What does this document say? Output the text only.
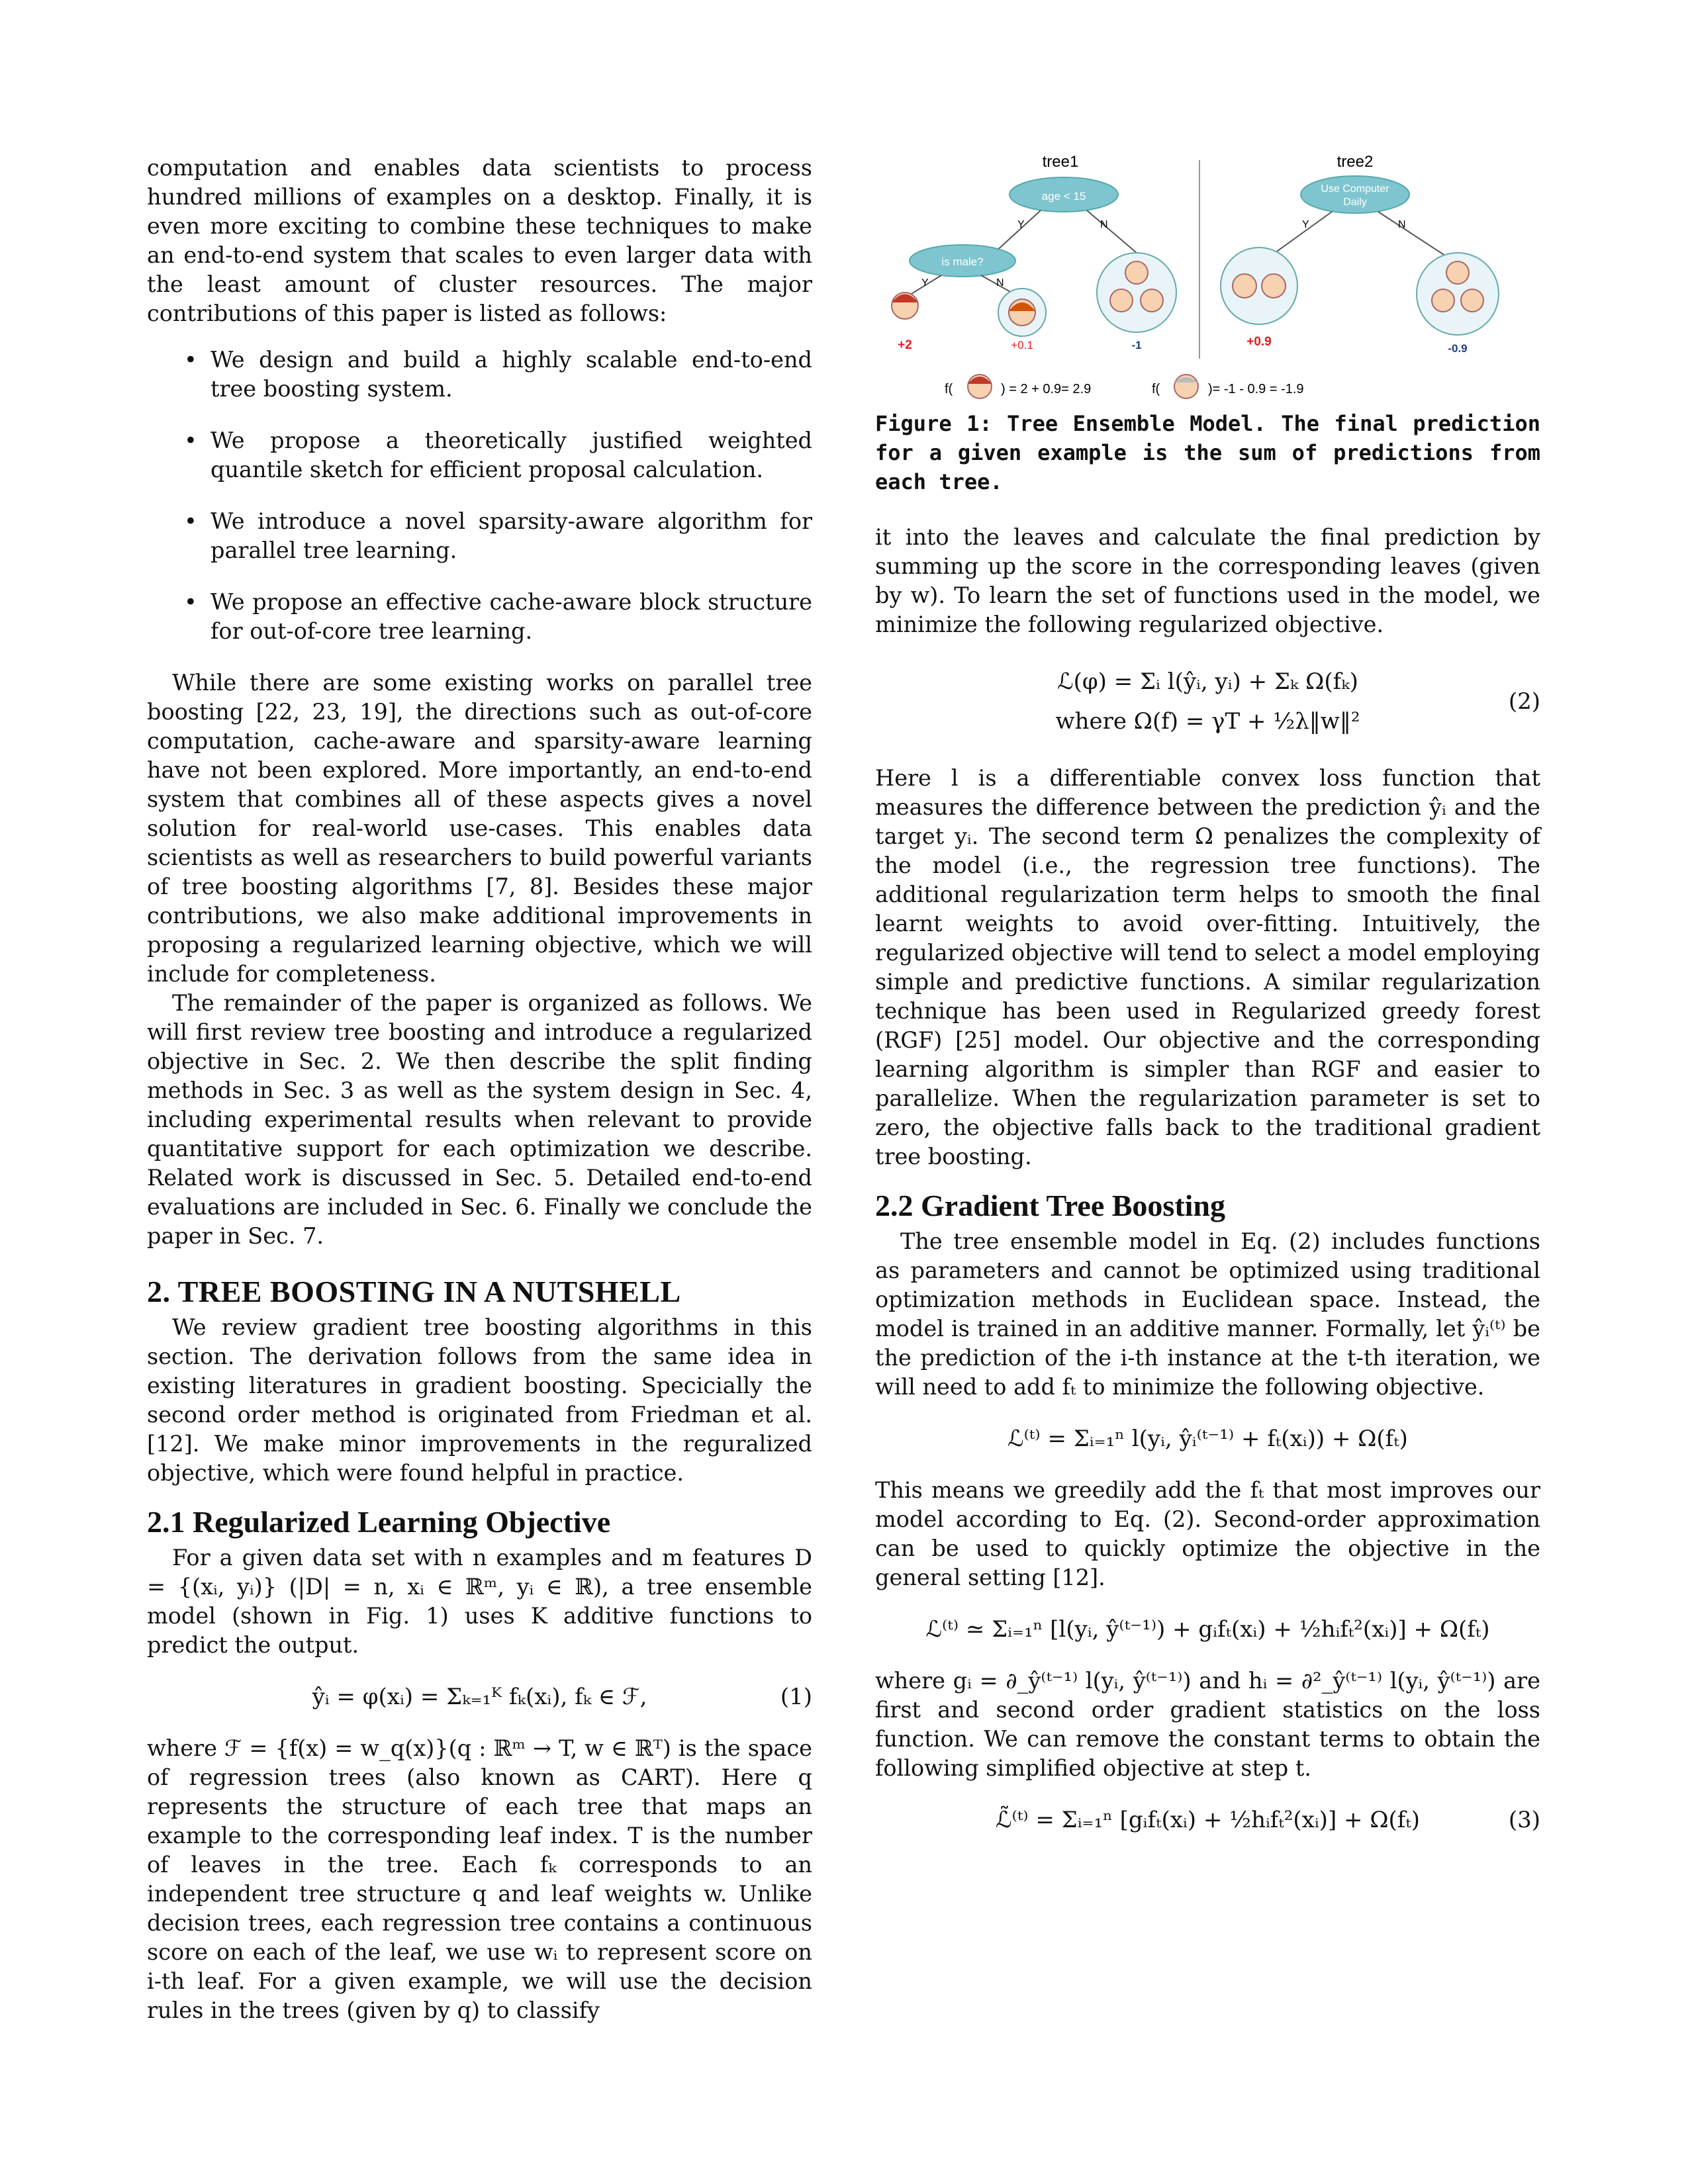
computation and enables data scientists to process hundred millions of examples on a desktop. Finally, it is even more exciting to combine these techniques to make an end-to-end system that scales to even larger data with the least amount of cluster resources. The major contributions of this paper is listed as follows:

• We design and build a highly scalable end-to-end tree boosting system.
• We propose a theoretically justified weighted quantile sketch for efficient proposal calculation.
• We introduce a novel sparsity-aware algorithm for parallel tree learning.
• We propose an effective cache-aware block structure for out-of-core tree learning.

While there are some existing works on parallel tree boosting [22, 23, 19], the directions such as out-of-core computation, cache-aware and sparsity-aware learning have not been explored. More importantly, an end-to-end system that combines all of these aspects gives a novel solution for real-world use-cases. This enables data scientists as well as researchers to build powerful variants of tree boosting algorithms [7, 8]. Besides these major contributions, we also make additional improvements in proposing a regularized learning objective, which we will include for completeness.

The remainder of the paper is organized as follows. We will first review tree boosting and introduce a regularized objective in Sec. 2. We then describe the split finding methods in Sec. 3 as well as the system design in Sec. 4, including experimental results when relevant to provide quantitative support for each optimization we describe. Related work is discussed in Sec. 5. Detailed end-to-end evaluations are included in Sec. 6. Finally we conclude the paper in Sec. 7.

2. TREE BOOSTING IN A NUTSHELL

We review gradient tree boosting algorithms in this section. The derivation follows from the same idea in existing literatures in gradient boosting. Specicially the second order method is originated from Friedman et al. [12]. We make minor improvements in the reguralized objective, which were found helpful in practice.

2.1 Regularized Learning Objective

For a given data set with n examples and m features D = {(xᵢ, yᵢ)} (|D| = n, xᵢ ∈ ℝᵐ, yᵢ ∈ ℝ), a tree ensemble model (shown in Fig. 1) uses K additive functions to predict the output.

ŷᵢ = φ(xᵢ) = Σₖ₌₁ᴷ fₖ(xᵢ), fₖ ∈ ℱ,	(1)

where ℱ = {f(x) = w_q(x)}(q : ℝᵐ → T, w ∈ ℝᵀ) is the space of regression trees (also known as CART). Here q represents the structure of each tree that maps an example to the corresponding leaf index. T is the number of leaves in the tree. Each fₖ corresponds to an independent tree structure q and leaf weights w. Unlike decision trees, each regression tree contains a continuous score on each of the leaf, we use wᵢ to represent score on i-th leaf. For a given example, we will use the decision rules in the trees (given by q) to classify

tree1
age < 15
Y	N
is male?
Y	N
+2	+0.1	-1
tree2
Use Computer
Daily
Y	N
+0.9	-0.9
f(	) = 2 + 0.9= 2.9	f(	)= -1 - 0.9 = -1.9

Figure 1: Tree Ensemble Model. The final prediction for a given example is the sum of predictions from each tree.

it into the leaves and calculate the final prediction by summing up the score in the corresponding leaves (given by w). To learn the set of functions used in the model, we minimize the following regularized objective.

ℒ(φ) = Σᵢ l(ŷᵢ, yᵢ) + Σₖ Ω(fₖ)
where Ω(f) = γT + ½λ‖w‖²
(2)

Here l is a differentiable convex loss function that measures the difference between the prediction ŷᵢ and the target yᵢ. The second term Ω penalizes the complexity of the model (i.e., the regression tree functions). The additional regularization term helps to smooth the final learnt weights to avoid over-fitting. Intuitively, the regularized objective will tend to select a model employing simple and predictive functions. A similar regularization technique has been used in Regularized greedy forest (RGF) [25] model. Our objective and the corresponding learning algorithm is simpler than RGF and easier to parallelize. When the regularization parameter is set to zero, the objective falls back to the traditional gradient tree boosting.

2.2 Gradient Tree Boosting

The tree ensemble model in Eq. (2) includes functions as parameters and cannot be optimized using traditional optimization methods in Euclidean space. Instead, the model is trained in an additive manner. Formally, let ŷᵢ⁽ᵗ⁾ be the prediction of the i-th instance at the t-th iteration, we will need to add fₜ to minimize the following objective.

ℒ⁽ᵗ⁾ = Σᵢ₌₁ⁿ l(yᵢ, ŷᵢ⁽ᵗ⁻¹⁾ + fₜ(xᵢ)) + Ω(fₜ)

This means we greedily add the fₜ that most improves our model according to Eq. (2). Second-order approximation can be used to quickly optimize the objective in the general setting [12].

ℒ⁽ᵗ⁾ ≃ Σᵢ₌₁ⁿ [l(yᵢ, ŷ⁽ᵗ⁻¹⁾) + gᵢfₜ(xᵢ) + ½hᵢfₜ²(xᵢ)] + Ω(fₜ)

where gᵢ = ∂_ŷ⁽ᵗ⁻¹⁾ l(yᵢ, ŷ⁽ᵗ⁻¹⁾) and hᵢ = ∂²_ŷ⁽ᵗ⁻¹⁾ l(yᵢ, ŷ⁽ᵗ⁻¹⁾) are first and second order gradient statistics on the loss function. We can remove the constant terms to obtain the following simplified objective at step t.

ℒ̃⁽ᵗ⁾ = Σᵢ₌₁ⁿ [gᵢfₜ(xᵢ) + ½hᵢfₜ²(xᵢ)] + Ω(fₜ)	(3)
